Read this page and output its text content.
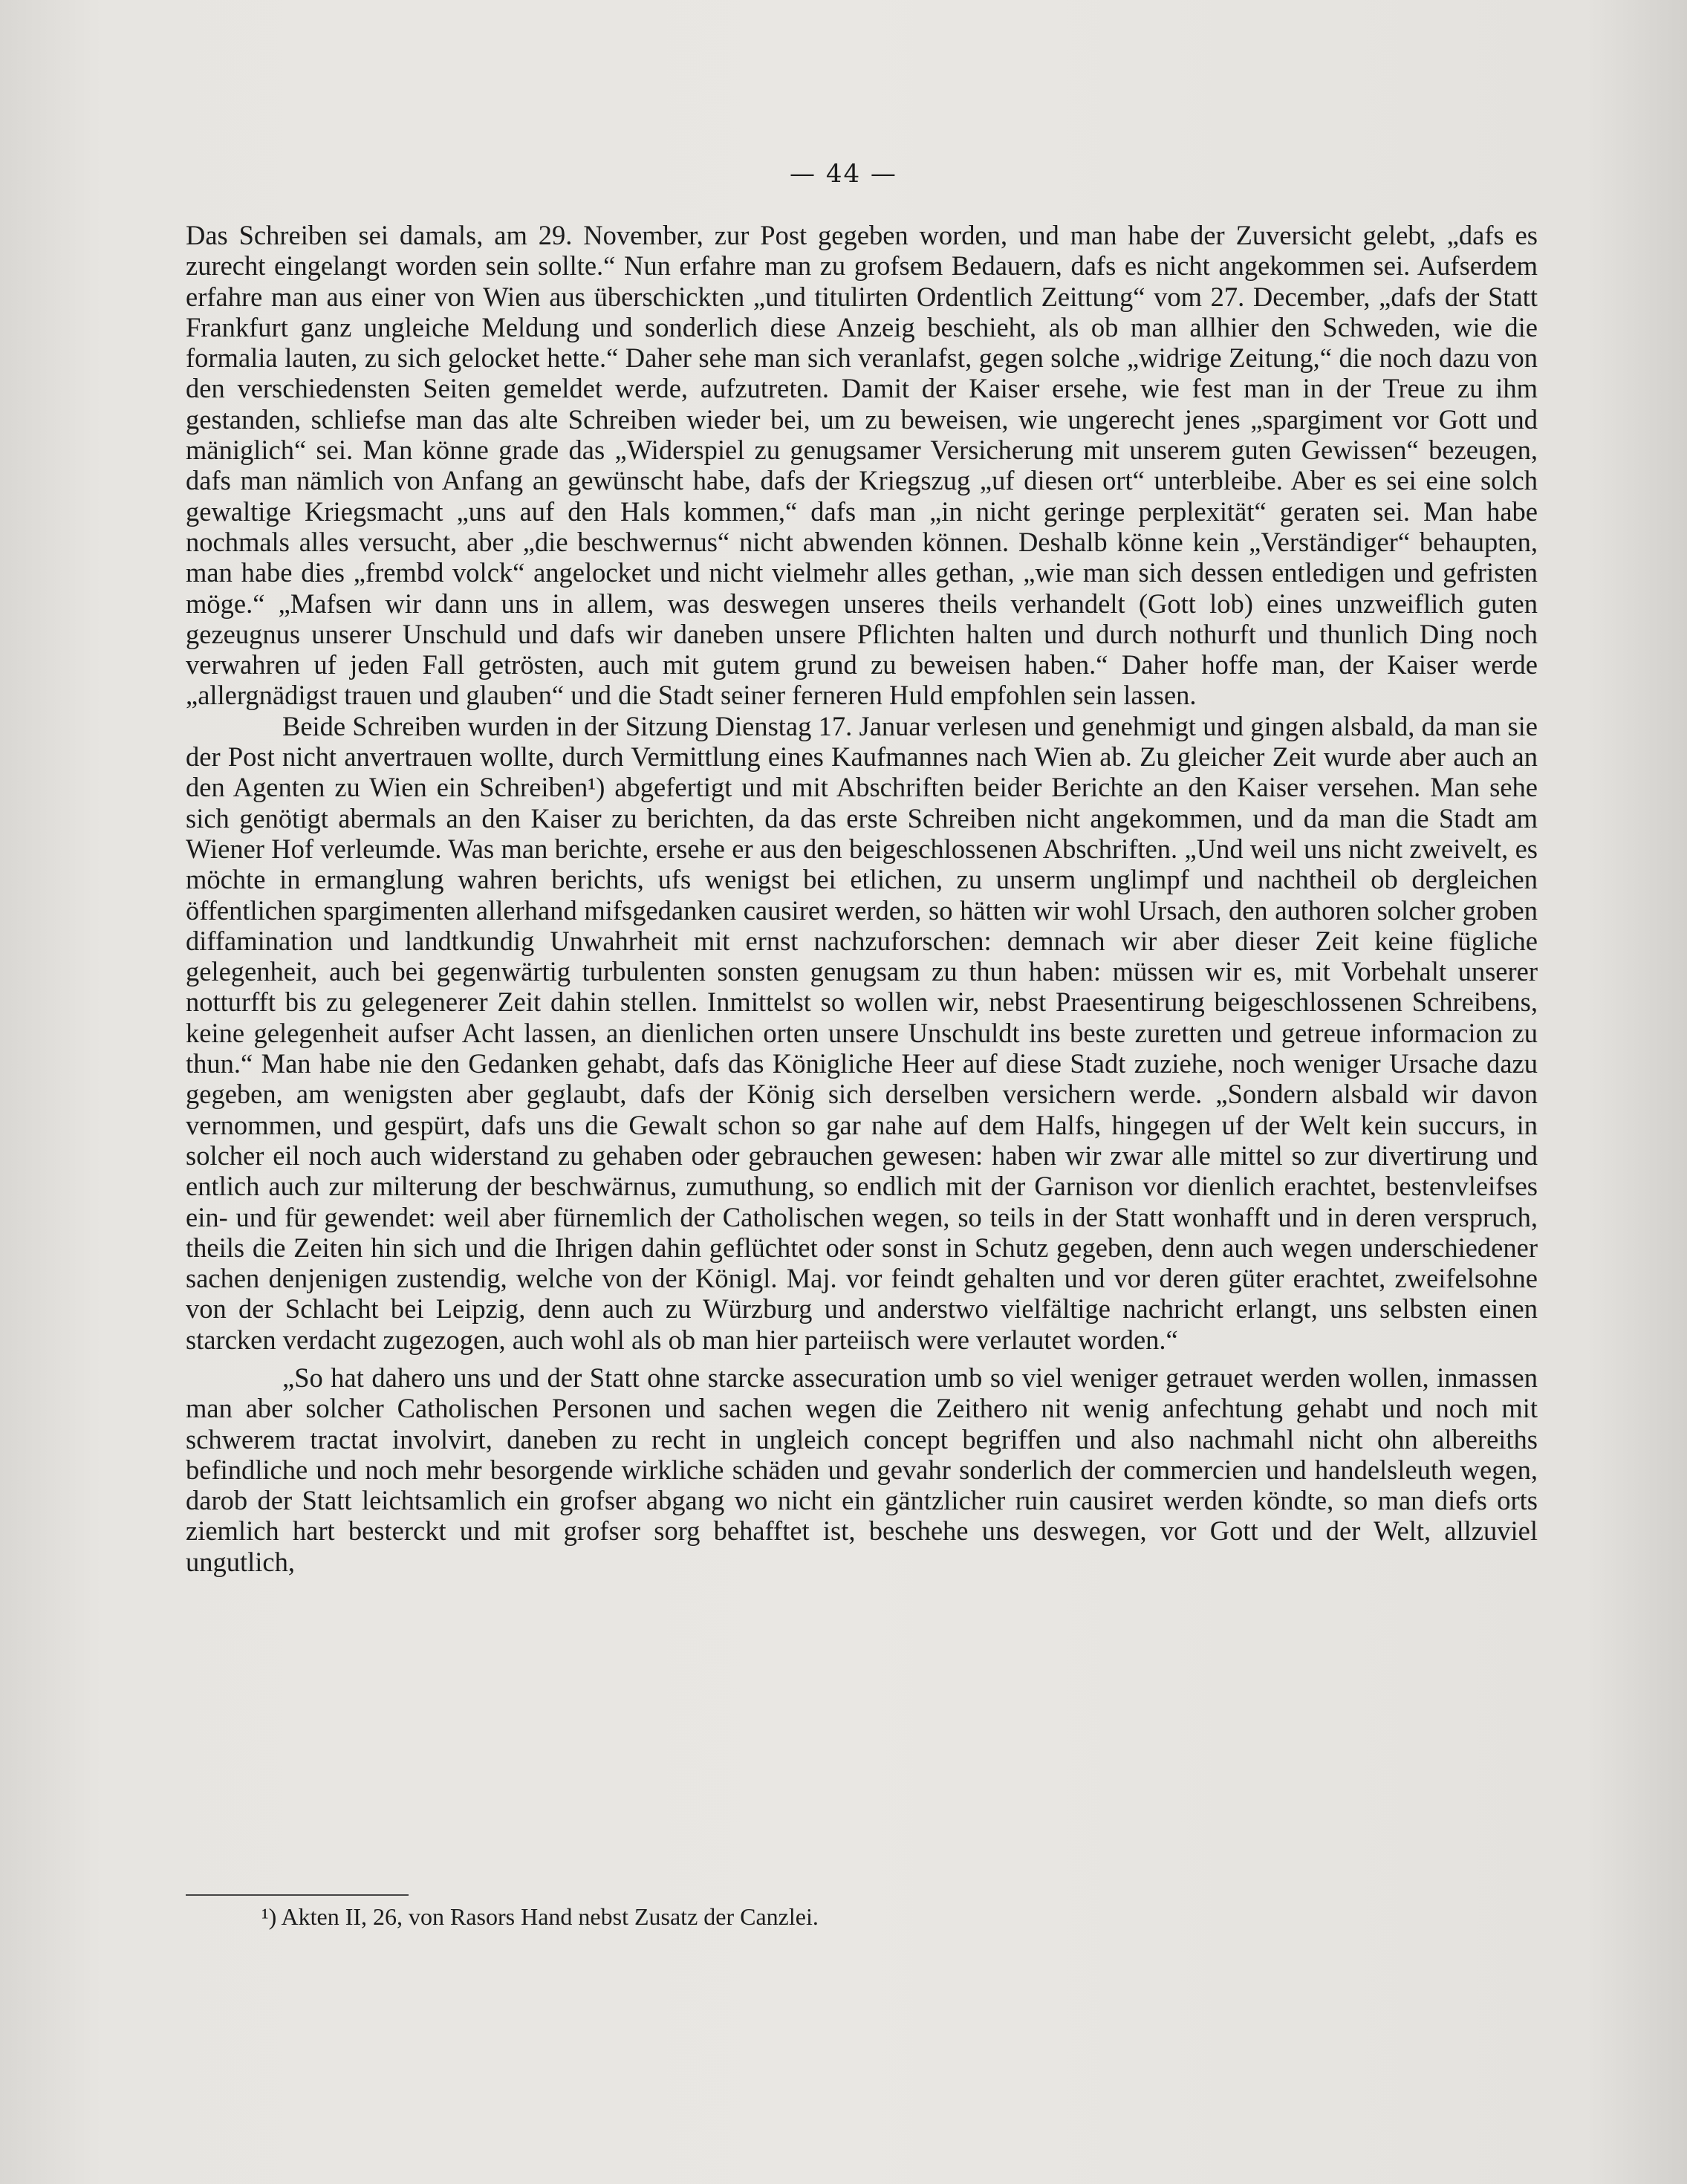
— 44 —

Das Schreiben sei damals, am 29. November, zur Post gegeben worden, und man habe der Zuversicht gelebt, „dafs es zurecht eingelangt worden sein sollte.“ Nun erfahre man zu grofsem Bedauern, dafs es nicht angekommen sei. Aufserdem erfahre man aus einer von Wien aus überschickten „und titulirten Ordentlich Zeittung“ vom 27. December, „dafs der Statt Frankfurt ganz ungleiche Meldung und sonderlich diese Anzeig beschieht, als ob man allhier den Schweden, wie die formalia lauten, zu sich gelocket hette.“ Daher sehe man sich veranlafst, gegen solche „widrige Zeitung,“ die noch dazu von den verschiedensten Seiten gemeldet werde, aufzutreten. Damit der Kaiser ersehe, wie fest man in der Treue zu ihm gestanden, schliefse man das alte Schreiben wieder bei, um zu beweisen, wie ungerecht jenes „spargiment vor Gott und mäniglich“ sei. Man könne grade das „Widerspiel zu genugsamer Versicherung mit unserem guten Gewissen“ bezeugen, dafs man nämlich von Anfang an gewünscht habe, dafs der Kriegszug „uf diesen ort“ unterbleibe. Aber es sei eine solch gewaltige Kriegsmacht „uns auf den Hals kommen,“ dafs man „in nicht geringe perplexität“ geraten sei. Man habe nochmals alles versucht, aber „die beschwernus“ nicht abwenden können. Deshalb könne kein „Verständiger“ behaupten, man habe dies „frembd volck“ angelocket und nicht vielmehr alles gethan, „wie man sich dessen entledigen und gefristen möge.“ „Mafsen wir dann uns in allem, was deswegen unseres theils verhandelt (Gott lob) eines unzweiflich guten gezeugnus unserer Unschuld und dafs wir daneben unsere Pflichten halten und durch nothurft und thunlich Ding noch verwahren uf jeden Fall getrösten, auch mit gutem grund zu beweisen haben.“ Daher hoffe man, der Kaiser werde „allergnädigst trauen und glauben“ und die Stadt seiner ferneren Huld empfohlen sein lassen.

Beide Schreiben wurden in der Sitzung Dienstag 17. Januar verlesen und genehmigt und gingen alsbald, da man sie der Post nicht anvertrauen wollte, durch Vermittlung eines Kaufmannes nach Wien ab. Zu gleicher Zeit wurde aber auch an den Agenten zu Wien ein Schreiben¹) abgefertigt und mit Abschriften beider Berichte an den Kaiser versehen. Man sehe sich genötigt abermals an den Kaiser zu berichten, da das erste Schreiben nicht angekommen, und da man die Stadt am Wiener Hof verleumde. Was man berichte, ersehe er aus den beigeschlossenen Abschriften. „Und weil uns nicht zweivelt, es möchte in ermanglung wahren berichts, ufs wenigst bei etlichen, zu unserm unglimpf und nachtheil ob dergleichen öffentlichen spargimenten allerhand mifsgedanken causiret werden, so hätten wir wohl Ursach, den authoren solcher groben diffamination und landtkundig Unwahrheit mit ernst nachzuforschen: demnach wir aber dieser Zeit keine fügliche gelegenheit, auch bei gegenwärtig turbulenten sonsten genugsam zu thun haben: müssen wir es, mit Vorbehalt unserer notturfft bis zu gelegenerer Zeit dahin stellen. Inmittelst so wollen wir, nebst Praesentirung beigeschlossenen Schreibens, keine gelegenheit aufser Acht lassen, an dienlichen orten unsere Unschuldt ins beste zuretten und getreue informacion zu thun.“ Man habe nie den Gedanken gehabt, dafs das Königliche Heer auf diese Stadt zuziehe, noch weniger Ursache dazu gegeben, am wenigsten aber geglaubt, dafs der König sich derselben versichern werde. „Sondern alsbald wir davon vernommen, und gespürt, dafs uns die Gewalt schon so gar nahe auf dem Halfs, hingegen uf der Welt kein succurs, in solcher eil noch auch widerstand zu gehaben oder gebrauchen gewesen: haben wir zwar alle mittel so zur divertirung und entlich auch zur milterung der beschwärnus, zumuthung, so endlich mit der Garnison vor dienlich erachtet, bestenvleifses ein- und für gewendet: weil aber fürnemlich der Catholischen wegen, so teils in der Statt wonhafft und in deren verspruch, theils die Zeiten hin sich und die Ihrigen dahin geflüchtet oder sonst in Schutz gegeben, denn auch wegen underschiedener sachen denjenigen zustendig, welche von der Königl. Maj. vor feindt gehalten und vor deren güter erachtet, zweifelsohne von der Schlacht bei Leipzig, denn auch zu Würzburg und anderstwo vielfältige nachricht erlangt, uns selbsten einen starcken verdacht zugezogen, auch wohl als ob man hier parteiisch were verlautet worden.“

„So hat dahero uns und der Statt ohne starcke assecuration umb so viel weniger getrauet werden wollen, inmassen man aber solcher Catholischen Personen und sachen wegen die Zeithero nit wenig anfechtung gehabt und noch mit schwerem tractat involvirt, daneben zu recht in ungleich concept begriffen und also nachmahl nicht ohn albereiths befindliche und noch mehr besorgende wirkliche schäden und gevahr sonderlich der commercien und handelsleuth wegen, darob der Statt leichtsamlich ein grofser abgang wo nicht ein gäntzlicher ruin causiret werden köndte, so man diefs orts ziemlich hart besterckt und mit grofser sorg behafftet ist, beschehe uns deswegen, vor Gott und der Welt, allzuviel ungutlich,

¹) Akten II, 26, von Rasors Hand nebst Zusatz der Canzlei.
